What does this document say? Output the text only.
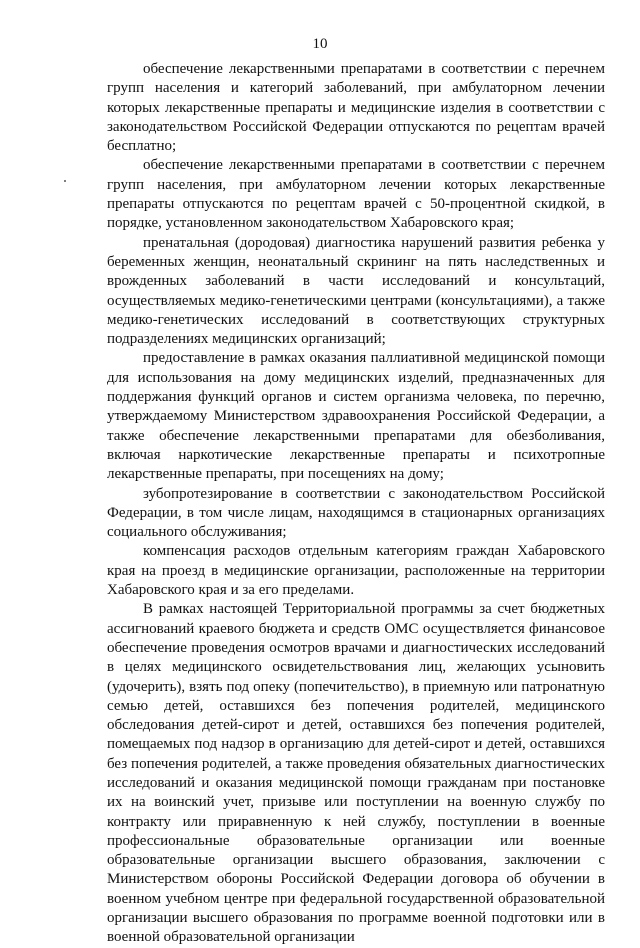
10

обеспечение лекарственными препаратами в соответствии с перечнем групп населения и категорий заболеваний, при амбулаторном лечении которых лекарственные препараты и медицинские изделия в соответствии с законодательством Российской Федерации отпускаются по рецептам врачей бесплатно;

обеспечение лекарственными препаратами в соответствии с перечнем групп населения, при амбулаторном лечении которых лекарственные препараты отпускаются по рецептам врачей с 50-процентной скидкой, в порядке, установленном законодательством Хабаровского края;

пренатальная (дородовая) диагностика нарушений развития ребенка у беременных женщин, неонатальный скрининг на пять наследственных и врожденных заболеваний в части исследований и консультаций, осуществляемых медико-генетическими центрами (консультациями), а также медико-генетических исследований в соответствующих структурных подразделениях медицинских организаций;

предоставление в рамках оказания паллиативной медицинской помощи для использования на дому медицинских изделий, предназначенных для поддержания функций органов и систем организма человека, по перечню, утверждаемому Министерством здравоохранения Российской Федерации, а также обеспечение лекарственными препаратами для обезболивания, включая наркотические лекарственные препараты и психотропные лекарственные препараты, при посещениях на дому;

зубопротезирование в соответствии с законодательством Российской Федерации, в том числе лицам, находящимся в стационарных организациях социального обслуживания;

компенсация расходов отдельным категориям граждан Хабаровского края на проезд в медицинские организации, расположенные на территории Хабаровского края и за его пределами.

В рамках настоящей Территориальной программы за счет бюджетных ассигнований краевого бюджета и средств ОМС осуществляется финансовое обеспечение проведения осмотров врачами и диагностических исследований в целях медицинского освидетельствования лиц, желающих усыновить (удочерить), взять под опеку (попечительство), в приемную или патронатную семью детей, оставшихся без попечения родителей, медицинского обследования детей-сирот и детей, оставшихся без попечения родителей, помещаемых под надзор в организацию для детей-сирот и детей, оставшихся без попечения родителей, а также проведения обязательных диагностических исследований и оказания медицинской помощи гражданам при постановке их на воинский учет, призыве или поступлении на военную службу по контракту или приравненную к ней службу, поступлении в военные профессиональные образовательные организации или военные образовательные организации высшего образования, заключении с Министерством обороны Российской Федерации договора об обучении в военном учебном центре при федеральной государственной образовательной организации высшего образования по программе военной подготовки или в военной образовательной организации
